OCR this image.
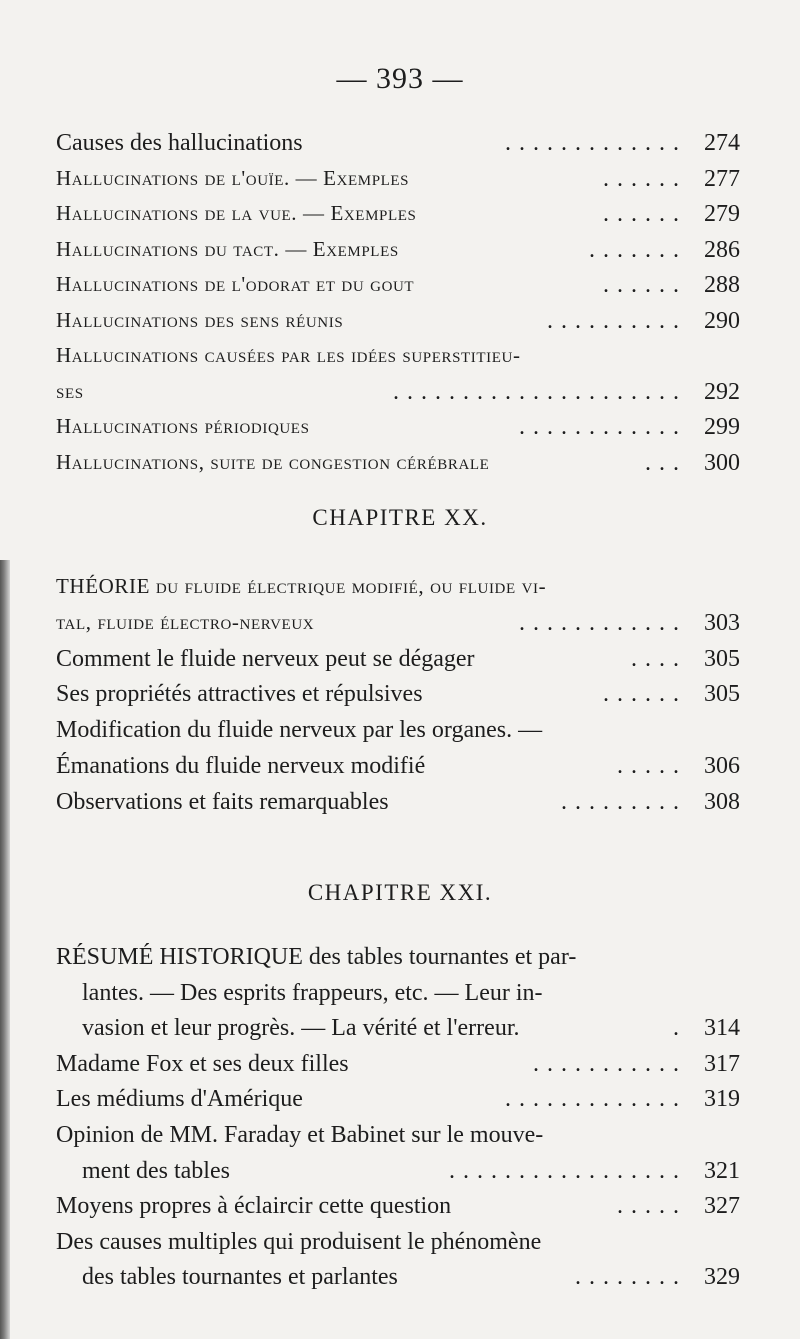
— 393 —
Causes des hallucinations	. . . . . . . . . . . . . 274
Hallucinations de l'ouïe. — Exemples	. . . . . . 277
Hallucinations de la vue. — Exemples	. . . . . . 279
Hallucinations du tact. — Exemples	. . . . . . . 286
Hallucinations de l'odorat et du gout	. . . . . . 288
Hallucinations des sens réunis	. . . . . . . . . . 290
Hallucinations causées par les idées superstitieu-
ses	. . . . . . . . . . . . . . . . . . . . . 292
Hallucinations périodiques	. . . . . . . . . . . . 299
Hallucinations, suite de congestion cérébrale	. . . 300
CHAPITRE XX.
THÉORIE du fluide électrique modifié, ou fluide vi-
tal, fluide électro-nerveux	. . . . . . . . . . . . 303
Comment le fluide nerveux peut se dégager	. . . . 305
Ses propriétés attractives et répulsives	. . . . . . 305
Modification du fluide nerveux par les organes. —
Émanations du fluide nerveux modifié	. . . . . 306
Observations et faits remarquables	. . . . . . . . . 308
CHAPITRE XXI.
RÉSUMÉ HISTORIQUE des tables tournantes et par-
lantes. — Des esprits frappeurs, etc. — Leur in-
vasion et leur progrès. — La vérité et l'erreur.	. 314
Madame Fox et ses deux filles	. . . . . . . . . . . 317
Les médiums d'Amérique	. . . . . . . . . . . . . 319
Opinion de MM. Faraday et Babinet sur le mouve-
ment des tables	. . . . . . . . . . . . . . . . . 321
Moyens propres à éclaircir cette question	. . . . . 327
Des causes multiples qui produisent le phénomène
des tables tournantes et parlantes	. . . . . . . . 329
